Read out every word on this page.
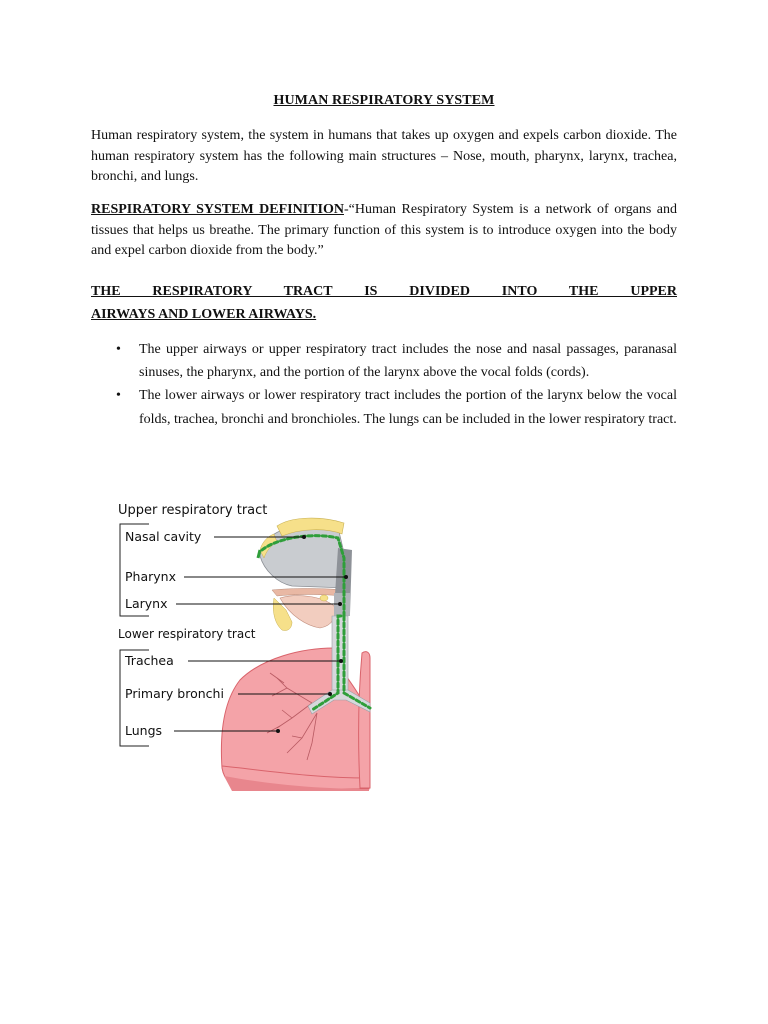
HUMAN RESPIRATORY SYSTEM

Human respiratory system, the system in humans that takes up oxygen and expels carbon dioxide. The human respiratory system has the following main structures – Nose, mouth, pharynx, larynx, trachea, bronchi, and lungs.

RESPIRATORY SYSTEM DEFINITION-“Human Respiratory System is a network of organs and tissues that helps us breathe. The primary function of this system is to introduce oxygen into the body and expel carbon dioxide from the body.”

THE RESPIRATORY TRACT IS DIVIDED INTO THE UPPER
AIRWAYS AND LOWER AIRWAYS.
• The upper airways or upper respiratory tract includes the nose and nasal passages, paranasal sinuses, the pharynx, and the portion of the larynx above the vocal folds (cords).
• The lower airways or lower respiratory tract includes the portion of the larynx below the vocal folds, trachea, bronchi and bronchioles. The lungs can be included in the lower respiratory tract.
Upper respiratory tract
Lower respiratory tract
Nasal cavity
Pharynx
Larynx
Trachea
Primary bronchi
Lungs
